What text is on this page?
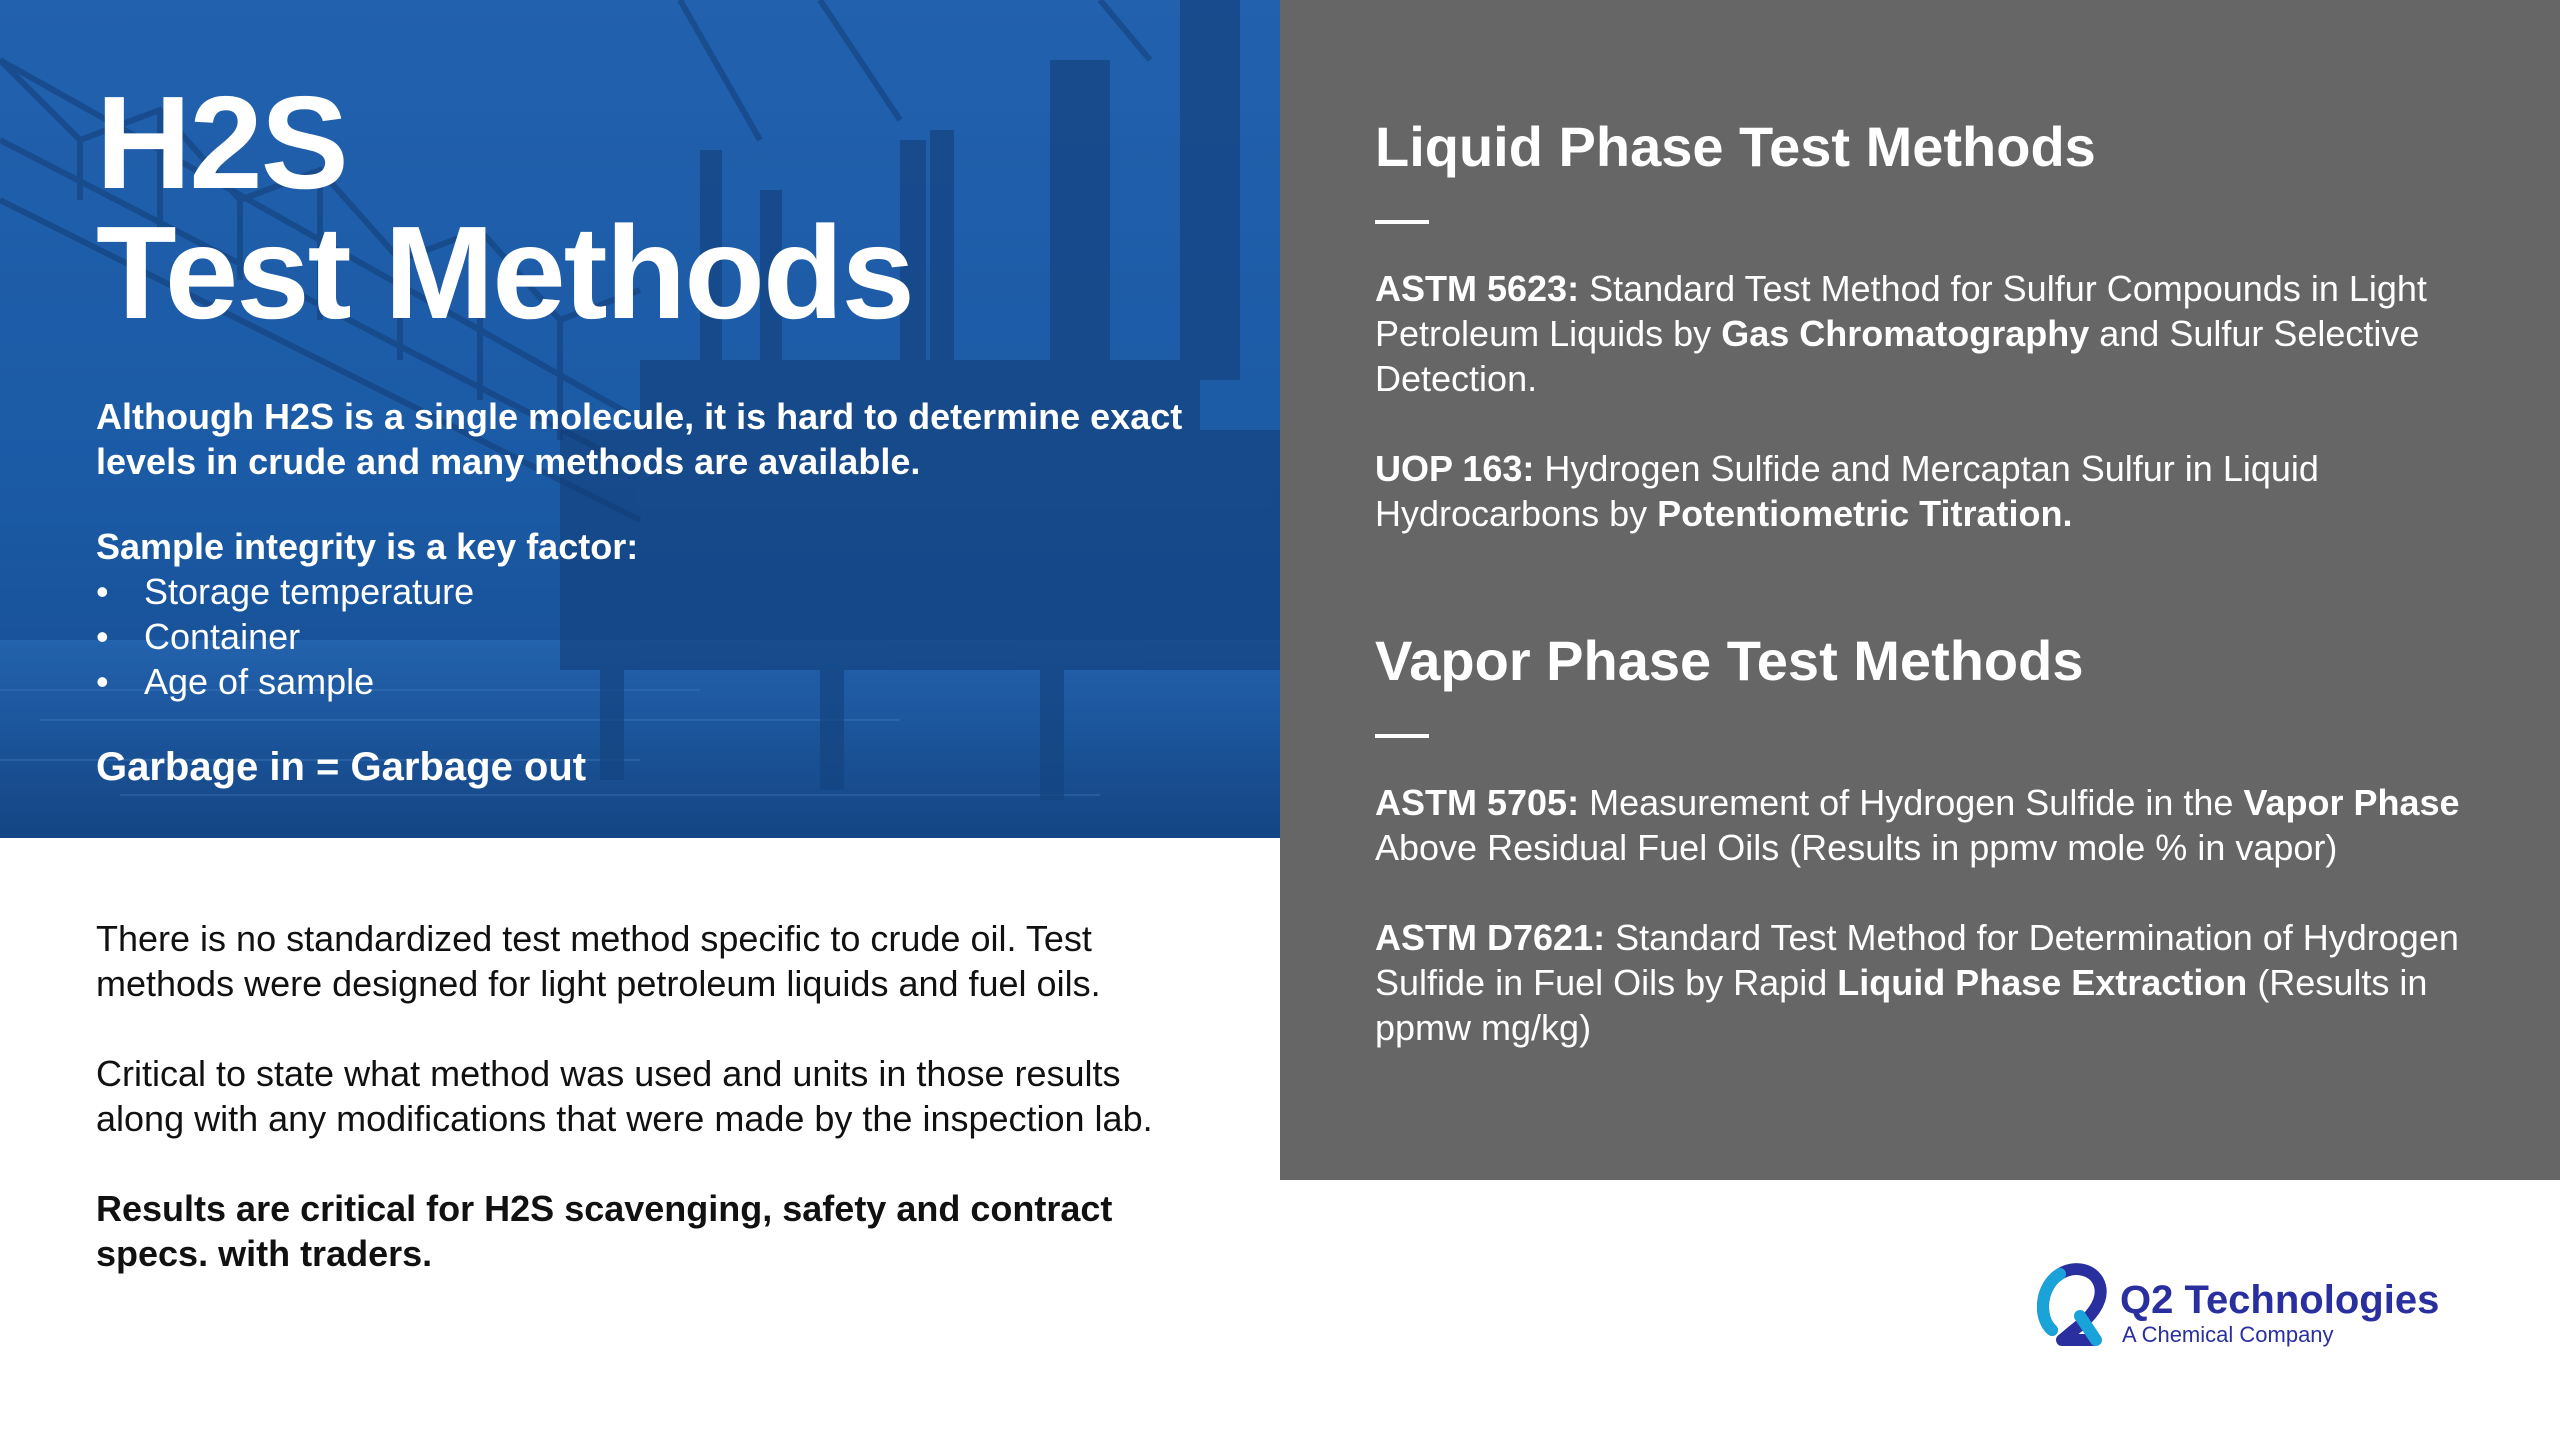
H2S
Test Methods

Although H2S is a single molecule, it is hard to determine exact levels in crude and many methods are available.

Sample integrity is a key factor:

• Storage temperature
• Container
• Age of sample

Garbage in = Garbage out

There is no standardized test method specific to crude oil. Test methods were designed for light petroleum liquids and fuel oils.

Critical to state what method was used and units in those results along with any modifications that were made by the inspection lab.

Results are critical for H2S scavenging, safety and contract specs. with traders.

Liquid Phase Test Methods

ASTM 5623: Standard Test Method for Sulfur Compounds in Light Petroleum Liquids by Gas Chromatography and Sulfur Selective Detection.

UOP 163: Hydrogen Sulfide and Mercaptan Sulfur in Liquid Hydrocarbons by Potentiometric Titration.

Vapor Phase Test Methods

ASTM 5705: Measurement of Hydrogen Sulfide in the Vapor Phase Above Residual Fuel Oils (Results in ppmv mole % in vapor)

ASTM D7621: Standard Test Method for Determination of Hydrogen Sulfide in Fuel Oils by Rapid Liquid Phase Extraction (Results in ppmw mg/kg)

Q2 Technologies
A Chemical Company
